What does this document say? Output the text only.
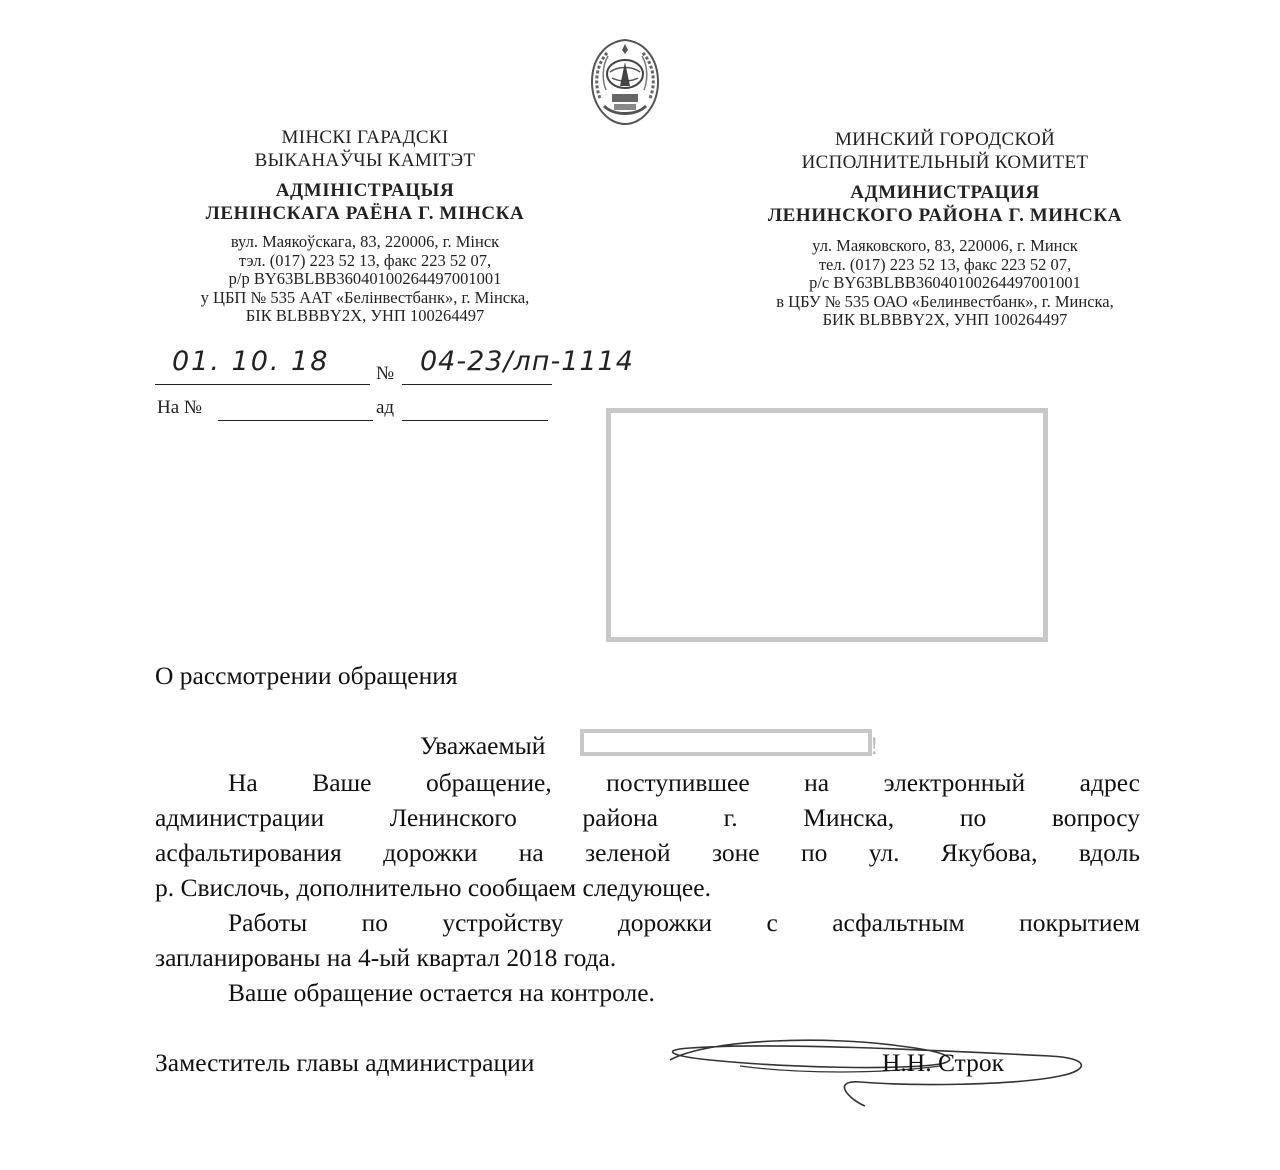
МIНСКI ГАРАДСКI
ВЫКАНАЎЧЫ КАМIТЭТ
АДМIНIСТРАЦЫЯ
ЛЕНIНСКАГА РАЁНА Г. МIНСКА
вул. Маякоўскага, 83, 220006, г. Мiнск
тэл. (017) 223 52 13, факс 223 52 07,
р/р BY63BLBB36040100264497001001
у ЦБП № 535 ААТ «Белiнвестбанк», г. Мiнска,
БIК BLBBBY2X, УНП 100264497
МИНСКИЙ ГОРОДСКОЙ
ИСПОЛНИТЕЛЬНЫЙ КОМИТЕТ
АДМИНИСТРАЦИЯ
ЛЕНИНСКОГО РАЙОНА Г. МИНСКА
ул. Маяковского, 83, 220006, г. Минск
тел. (017) 223 52 13, факс 223 52 07,
р/с BY63BLBB36040100264497001001
в ЦБУ № 535 ОАО «Белинвестбанк», г. Минска,
БИК BLBBBY2X, УНП 100264497
01. 10. 18 № 04-23/лп-1114
На №	ад
О рассмотрении обращения
Уважаемый	!
На Ваше обращение, поступившее на электронный адрес
администрации Ленинского района г. Минска, по вопросу
асфальтирования дорожки на зеленой зоне по ул. Якубова, вдоль
р. Свислочь, дополнительно сообщаем следующее.
Работы по устройству дорожки с асфальтным покрытием
запланированы на 4-ый квартал 2018 года.
Ваше обращение остается на контроле.
Заместитель главы администрации	Н.Н. Строк
